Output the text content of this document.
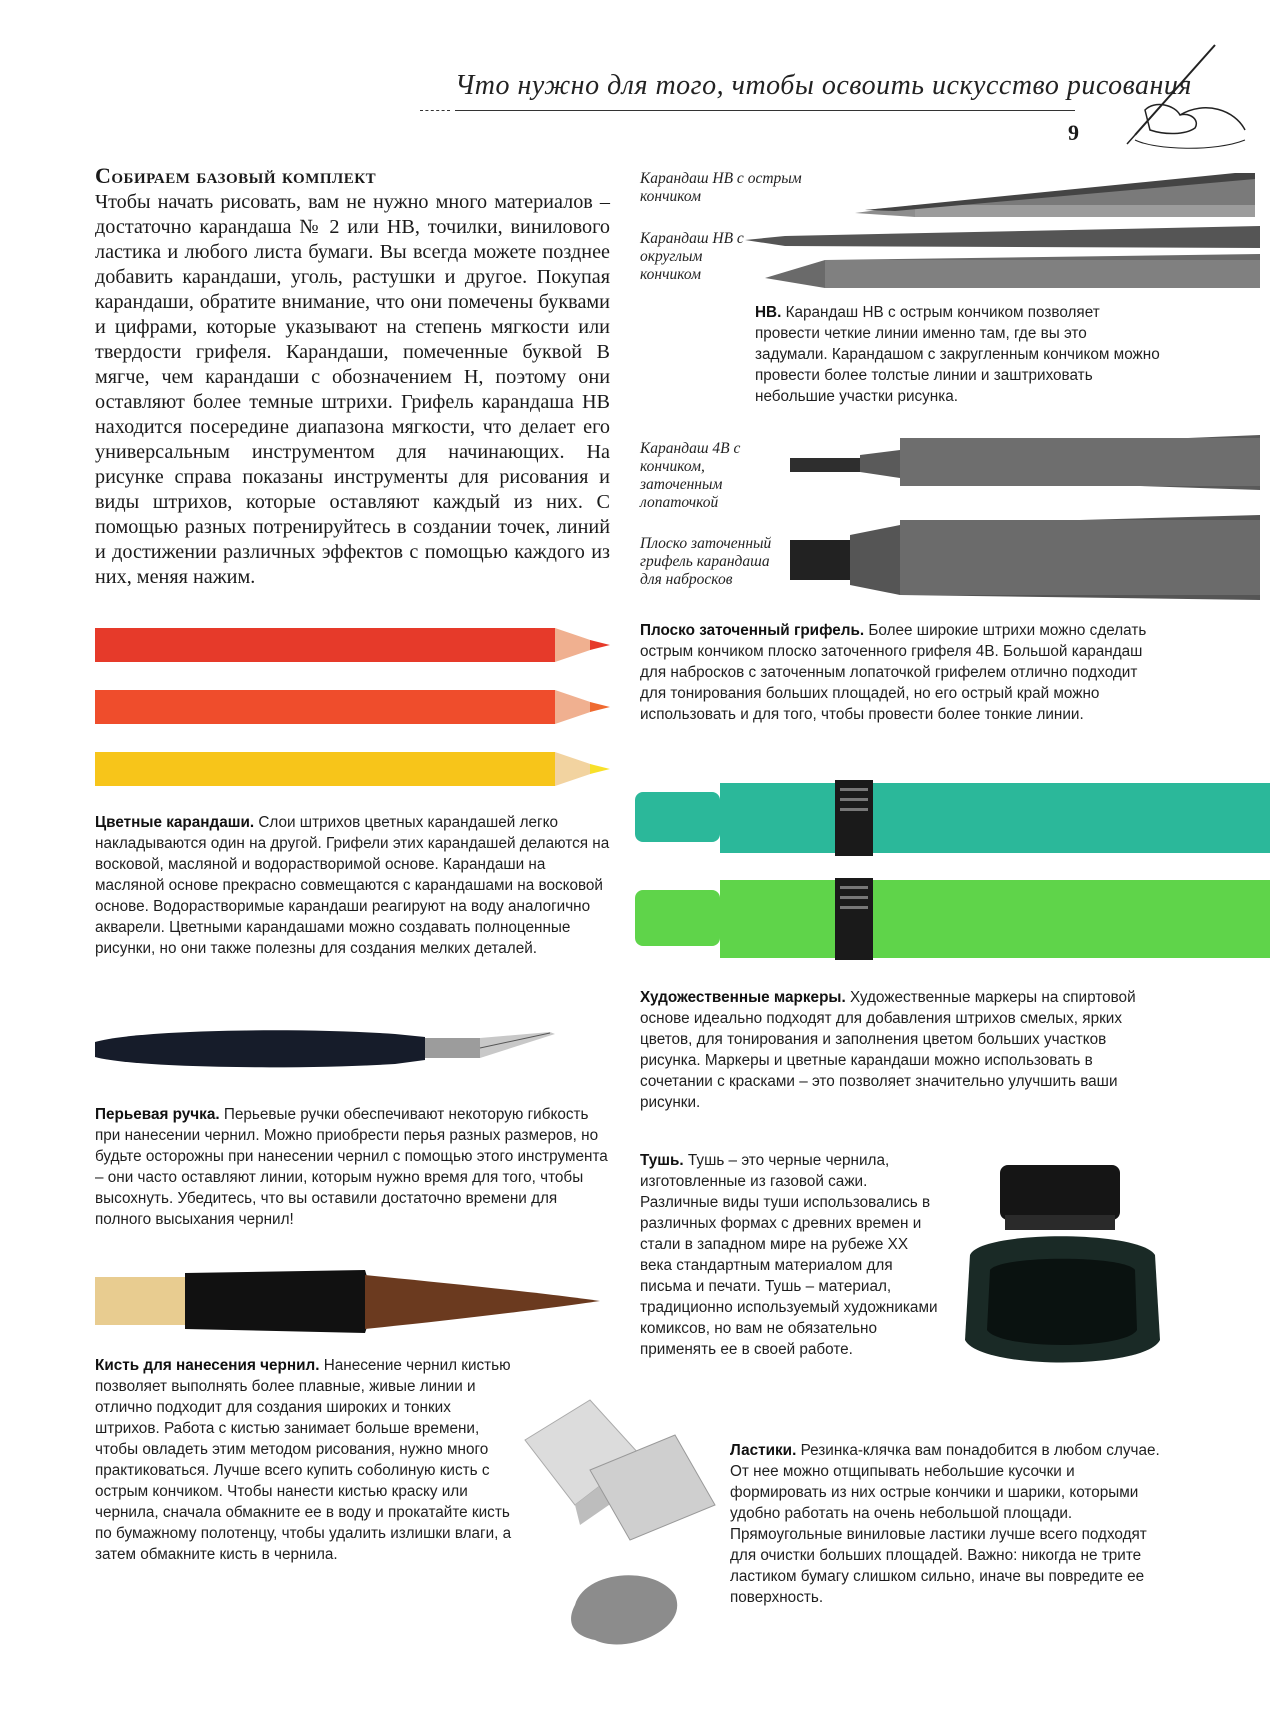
Что нужно для того, чтобы освоить искусство рисования
9
Собираем базовый комплект
Чтобы начать рисовать, вам не нужно много материалов – достаточно карандаша № 2 или НВ, точилки, винилового ластика и любого листа бумаги. Вы всегда можете позднее добавить карандаши, уголь, растушки и другое. Покупая карандаши, обратите внимание, что они помечены буквами и цифрами, которые указывают на степень мягкости или твердости грифеля. Карандаши, помеченные буквой В мягче, чем карандаши с обозначением Н, поэтому они оставляют более темные штрихи. Грифель карандаша НВ находится посередине диапазона мягкости, что делает его универсальным инструментом для начинающих. На рисунке справа показаны инструменты для рисования и виды штрихов, которые оставляют каждый из них. С помощью разных потренируйтесь в создании точек, линий и достижении различных эффектов с помощью каждого из них, меняя нажим.
Карандаш НВ с острым кончиком
Карандаш НВ с округлым кончиком
НВ. Карандаш НВ с острым кончиком позволяет провести четкие линии именно там, где вы это задумали. Карандашом с закругленным кончиком можно провести более толстые линии и заштриховать небольшие участки рисунка.
Карандаш 4В с кончиком, заточенным лопаточкой
Плоско заточенный грифель карандаша для набросков
Плоско заточенный грифель. Более широкие штрихи можно сделать острым кончиком плоско заточенного грифеля 4В. Большой карандаш для набросков с заточенным лопаточкой грифелем отлично подходит для тонирования больших площадей, но его острый край можно использовать и для того, чтобы провести более тонкие линии.
Цветные карандаши. Слои штрихов цветных карандашей легко накладываются один на другой. Грифели этих карандашей делаются на восковой, масляной и водорастворимой основе. Карандаши на масляной основе прекрасно совмещаются с карандашами на восковой основе. Водорастворимые карандаши реагируют на воду аналогично акварели. Цветными карандашами можно создавать полноценные рисунки, но они также полезны для создания мелких деталей.
Художественные маркеры. Художественные маркеры на спиртовой основе идеально подходят для добавления штрихов смелых, ярких цветов, для тонирования и заполнения цветом больших участков рисунка. Маркеры и цветные карандаши можно использовать в сочетании с красками – это позволяет значительно улучшить ваши рисунки.
Перьевая ручка. Перьевые ручки обеспечивают некоторую гибкость при нанесении чернил. Можно приобрести перья разных размеров, но будьте осторожны при нанесении чернил с помощью этого инструмента – они часто оставляют линии, которым нужно время для того, чтобы высохнуть. Убедитесь, что вы оставили достаточно времени для полного высыхания чернил!
Тушь. Тушь – это черные чернила, изготовленные из газовой сажи. Различные виды туши использовались в различных формах с древних времен и стали в западном мире на рубеже XX века стандартным материалом для письма и печати. Тушь – материал, традиционно используемый художниками комиксов, но вам не обязательно применять ее в своей работе.
Кисть для нанесения чернил. Нанесение чернил кистью позволяет выполнять более плавные, живые линии и отлично подходит для создания широких и тонких штрихов. Работа с кистью занимает больше времени, чтобы овладеть этим методом рисования, нужно много практиковаться. Лучше всего купить соболиную кисть с острым кончиком. Чтобы нанести кистью краску или чернила, сначала обмакните ее в воду и прокатайте кисть по бумажному полотенцу, чтобы удалить излишки влаги, а затем обмакните кисть в чернила.
Ластики. Резинка-клячка вам понадобится в любом случае. От нее можно отщипывать небольшие кусочки и формировать из них острые кончики и шарики, которыми удобно работать на очень небольшой площади. Прямоугольные виниловые ластики лучше всего подходят для очистки больших площадей. Важно: никогда не трите ластиком бумагу слишком сильно, иначе вы повредите ее поверхность.
